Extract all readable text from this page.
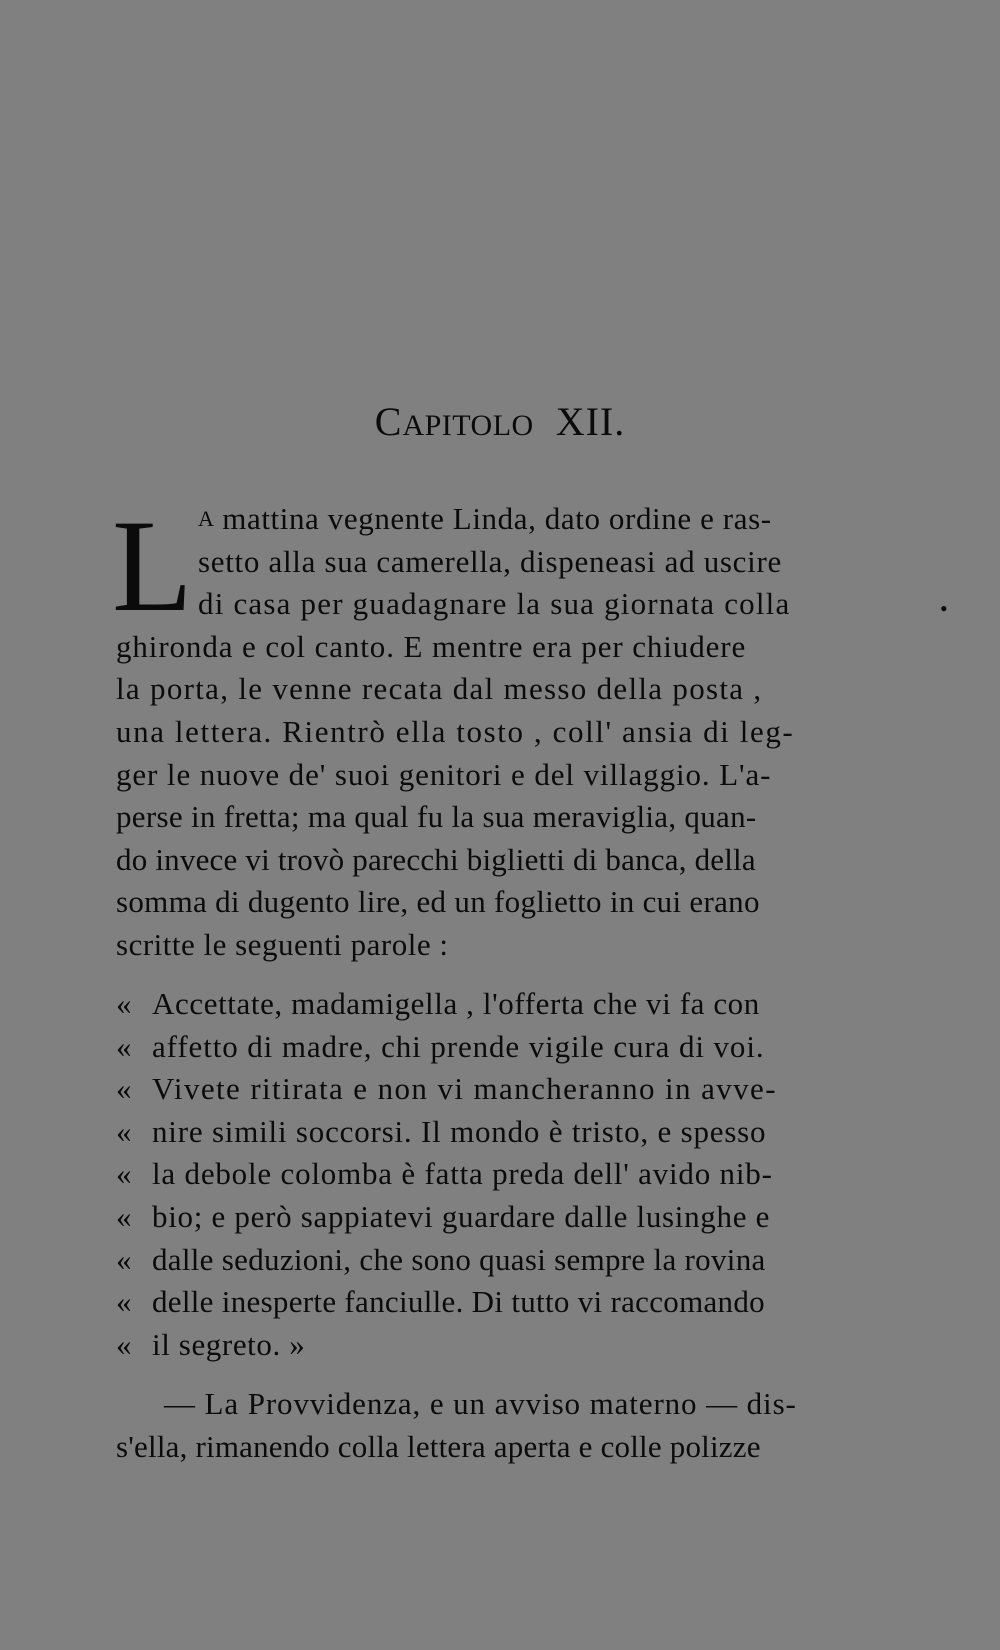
CAPITOLO XII.
L	•
A mattina vegnente Linda, dato ordine e ras-
setto alla sua camerella, dispeneasi ad uscire
di casa per guadagnare la sua giornata colla
ghironda e col canto. E mentre era per chiudere
la porta, le venne recata dal messo della posta ,
una lettera. Rientrò ella tosto , coll' ansia di leg-
ger le nuove de' suoi genitori e del villaggio. L'a-
perse in fretta; ma qual fu la sua meraviglia, quan-
do invece vi trovò parecchi biglietti di banca, della
somma di dugento lire, ed un foglietto in cui erano
scritte le seguenti parole :
« Accettate, madamigella , l'offerta che vi fa con
« affetto di madre, chi prende vigile cura di voi.
« Vivete ritirata e non vi mancheranno in avve-
« nire simili soccorsi. Il mondo è tristo, e spesso
« la debole colomba è fatta preda dell' avido nib-
« bio; e però sappiatevi guardare dalle lusinghe e
« dalle seduzioni, che sono quasi sempre la rovina
« delle inesperte fanciulle. Di tutto vi raccomando
« il segreto. »
— La Provvidenza, e un avviso materno — dis-
s'ella, rimanendo colla lettera aperta e colle polizze
